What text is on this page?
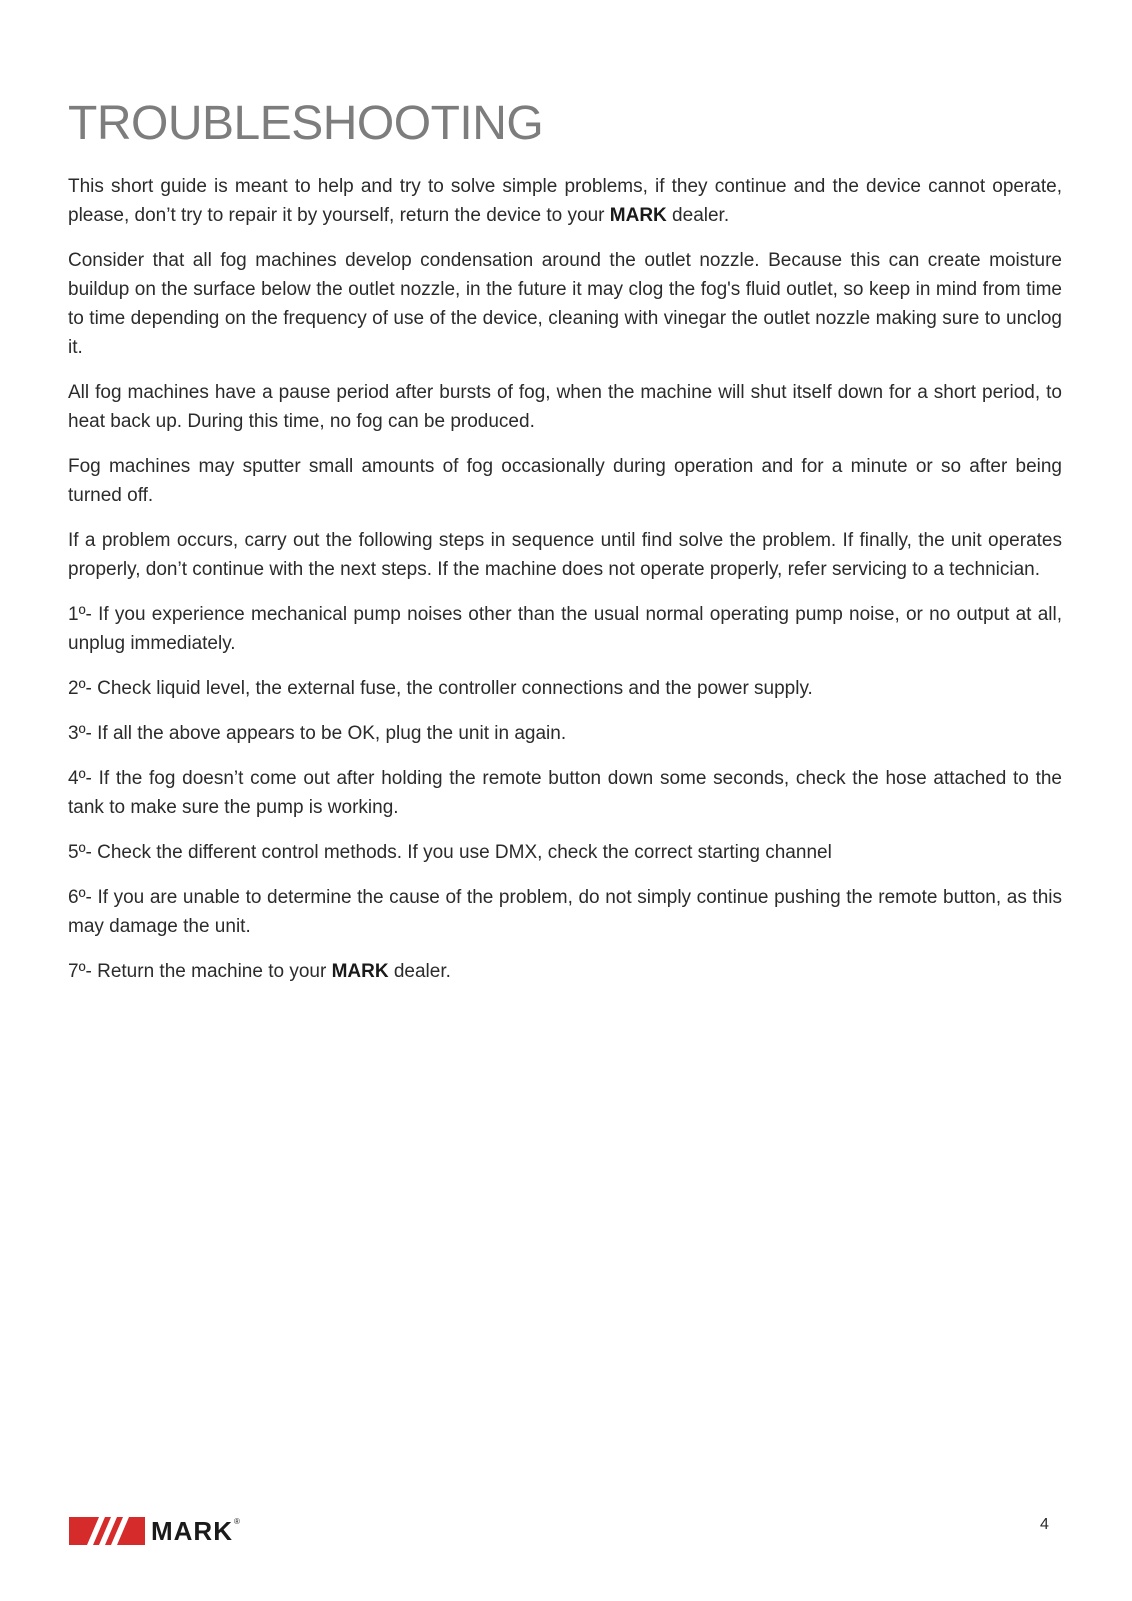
TROUBLESHOOTING

This short guide is meant to help and try to solve simple problems, if they continue and the device cannot operate, please, don’t try to repair it by yourself, return the device to your MARK dealer.

Consider that all fog machines develop condensation around the outlet nozzle. Because this can create moisture buildup on the surface below the outlet nozzle, in the future it may clog the fog's fluid outlet, so keep in mind from time to time depending on the frequency of use of the device, cleaning with vinegar the outlet nozzle making sure to unclog it.

All fog machines have a pause period after bursts of fog, when the machine will shut itself down for a short period, to heat back up. During this time, no fog can be produced.

Fog machines may sputter small amounts of fog occasionally during operation and for a minute or so after being turned off.

If a problem occurs, carry out the following steps in sequence until find solve the problem. If finally, the unit operates properly, don’t continue with the next steps. If the machine does not operate properly, refer servicing to a technician.

1º- If you experience mechanical pump noises other than the usual normal operating pump noise, or no output at all, unplug immediately.

2º- Check liquid level, the external fuse, the controller connections and the power supply.

3º- If all the above appears to be OK, plug the unit in again.

4º- If the fog doesn’t come out after holding the remote button down some seconds, check the hose attached to the tank to make sure the pump is working.

5º- Check the different control methods. If you use DMX, check the correct starting channel

6º- If you are unable to determine the cause of the problem, do not simply continue pushing the remote button, as this may damage the unit.

7º- Return the machine to your MARK dealer.

MARK ®	4
